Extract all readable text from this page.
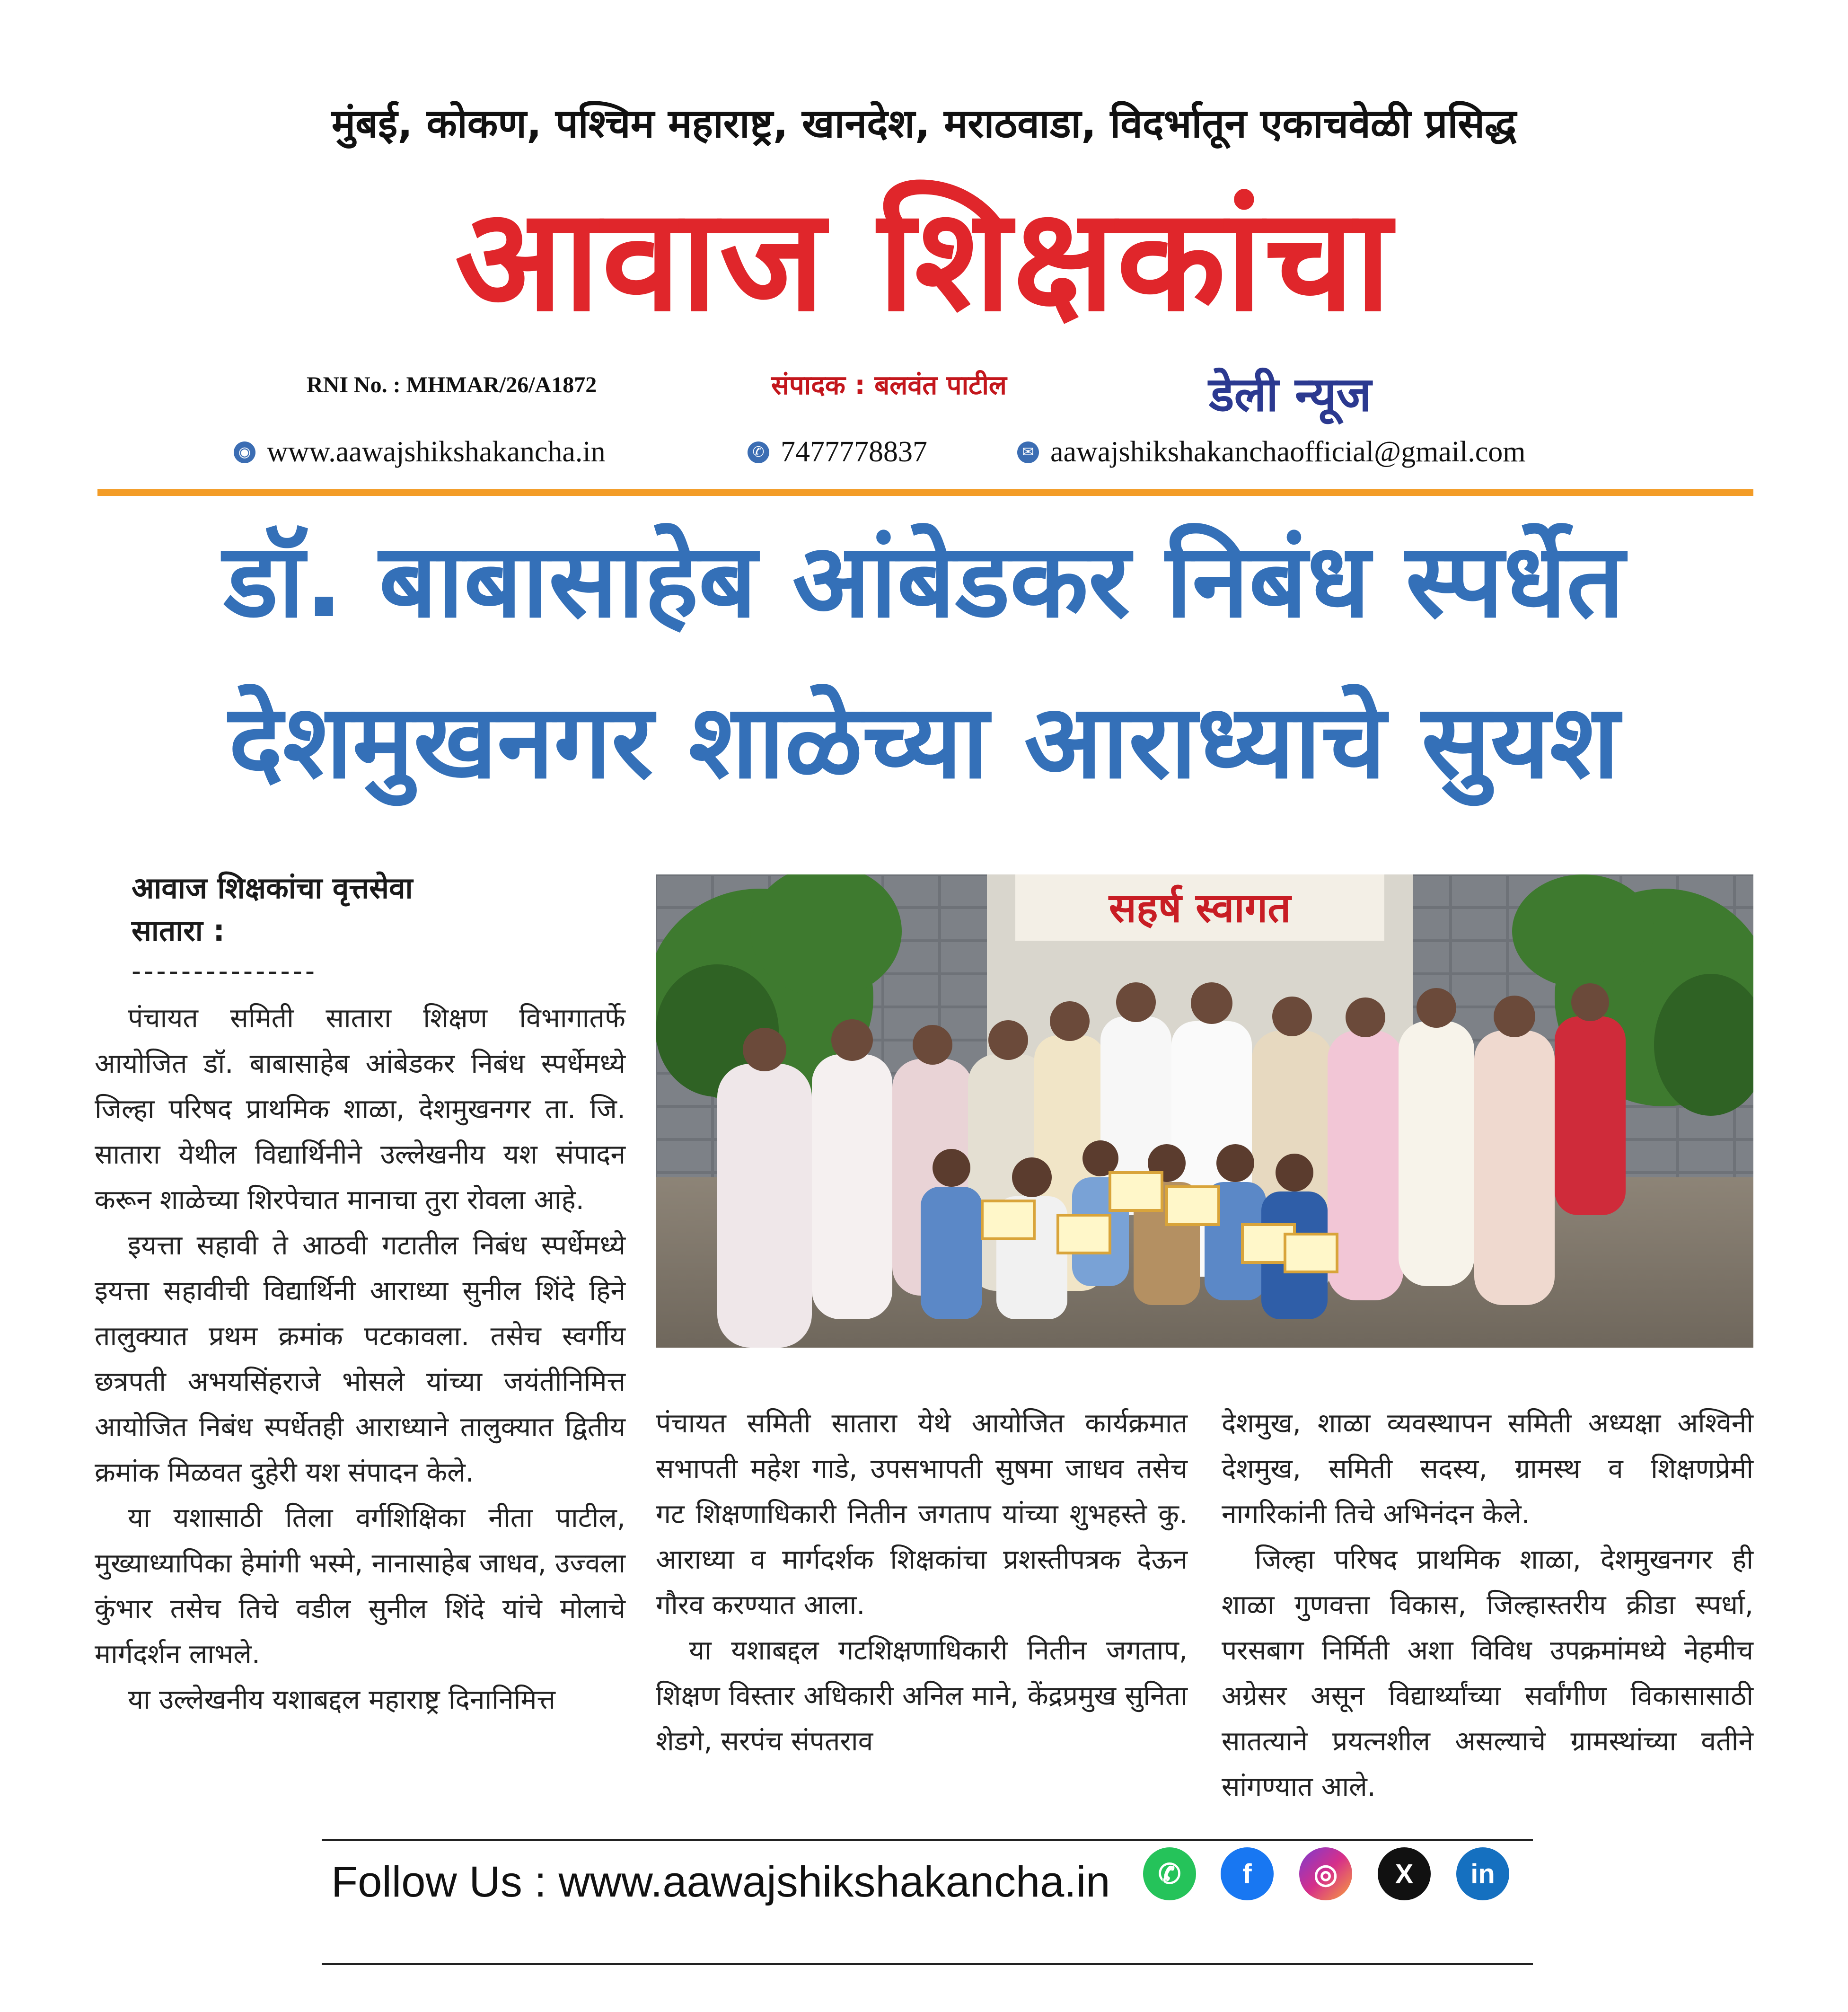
मुंबई, कोकण, पश्चिम महाराष्ट्र, खानदेश, मराठवाडा, विदर्भातून एकाचवेळी प्रसिद्ध
आवाज शिक्षकांचा
RNI No. : MHMAR/26/A1872	संपादक : बलवंत पाटील	डेली न्यूज
◉ www.aawajshikshakancha.in	✆ 7477778837	✉ aawajshikshakanchaofficial@gmail.com
डॉ. बाबासाहेब आंबेडकर निबंध स्पर्धेत
देशमुखनगर शाळेच्या आराध्याचे सुयश
आवाज शिक्षकांचा वृत्तसेवा
सातारा :
---------------

पंचायत समिती सातारा शिक्षण विभागातर्फे आयोजित डॉ. बाबासाहेब आंबेडकर निबंध स्पर्धेमध्ये जिल्हा परिषद प्राथमिक शाळा, देशमुखनगर ता. जि. सातारा येथील विद्यार्थिनीने उल्लेखनीय यश संपादन करून शाळेच्या शिरपेचात मानाचा तुरा रोवला आहे.

इयत्ता सहावी ते आठवी गटातील निबंध स्पर्धेमध्ये इयत्ता सहावीची विद्यार्थिनी आराध्या सुनील शिंदे हिने तालुक्यात प्रथम क्रमांक पटकावला. तसेच स्वर्गीय छत्रपती अभयसिंहराजे भोसले यांच्या जयंतीनिमित्त आयोजित निबंध स्पर्धेतही आराध्याने तालुक्यात द्वितीय क्रमांक मिळवत दुहेरी यश संपादन केले.

या यशासाठी तिला वर्गशिक्षिका नीता पाटील, मुख्याध्यापिका हेमांगी भस्मे, नानासाहेब जाधव, उज्वला कुंभार तसेच तिचे वडील सुनील शिंदे यांचे मोलाचे मार्गदर्शन लाभले.

या उल्लेखनीय यशाबद्दल महाराष्ट्र दिनानिमित्त

सहर्ष स्वागत

पंचायत समिती सातारा येथे आयोजित कार्यक्रमात सभापती महेश गाडे, उपसभापती सुषमा जाधव तसेच गट शिक्षणाधिकारी नितीन जगताप यांच्या शुभहस्ते कु. आराध्या व मार्गदर्शक शिक्षकांचा प्रशस्तीपत्रक देऊन गौरव करण्यात आला.

या यशाबद्दल गटशिक्षणाधिकारी नितीन जगताप, शिक्षण विस्तार अधिकारी अनिल माने, केंद्रप्रमुख सुनिता शेडगे, सरपंच संपतराव

देशमुख, शाळा व्यवस्थापन समिती अध्यक्षा अश्विनी देशमुख, समिती सदस्य, ग्रामस्थ व शिक्षणप्रेमी नागरिकांनी तिचे अभिनंदन केले.

जिल्हा परिषद प्राथमिक शाळा, देशमुखनगर ही शाळा गुणवत्ता विकास, जिल्हास्तरीय क्रीडा स्पर्धा, परसबाग निर्मिती अशा विविध उपक्रमांमध्ये नेहमीच अग्रेसर असून विद्यार्थ्यांच्या सर्वांगीण विकासासाठी सातत्याने प्रयत्नशील असल्याचे ग्रामस्थांच्या वतीने सांगण्यात आले.

Follow Us : www.aawajshikshakancha.in	✆	f	◎	X	in
